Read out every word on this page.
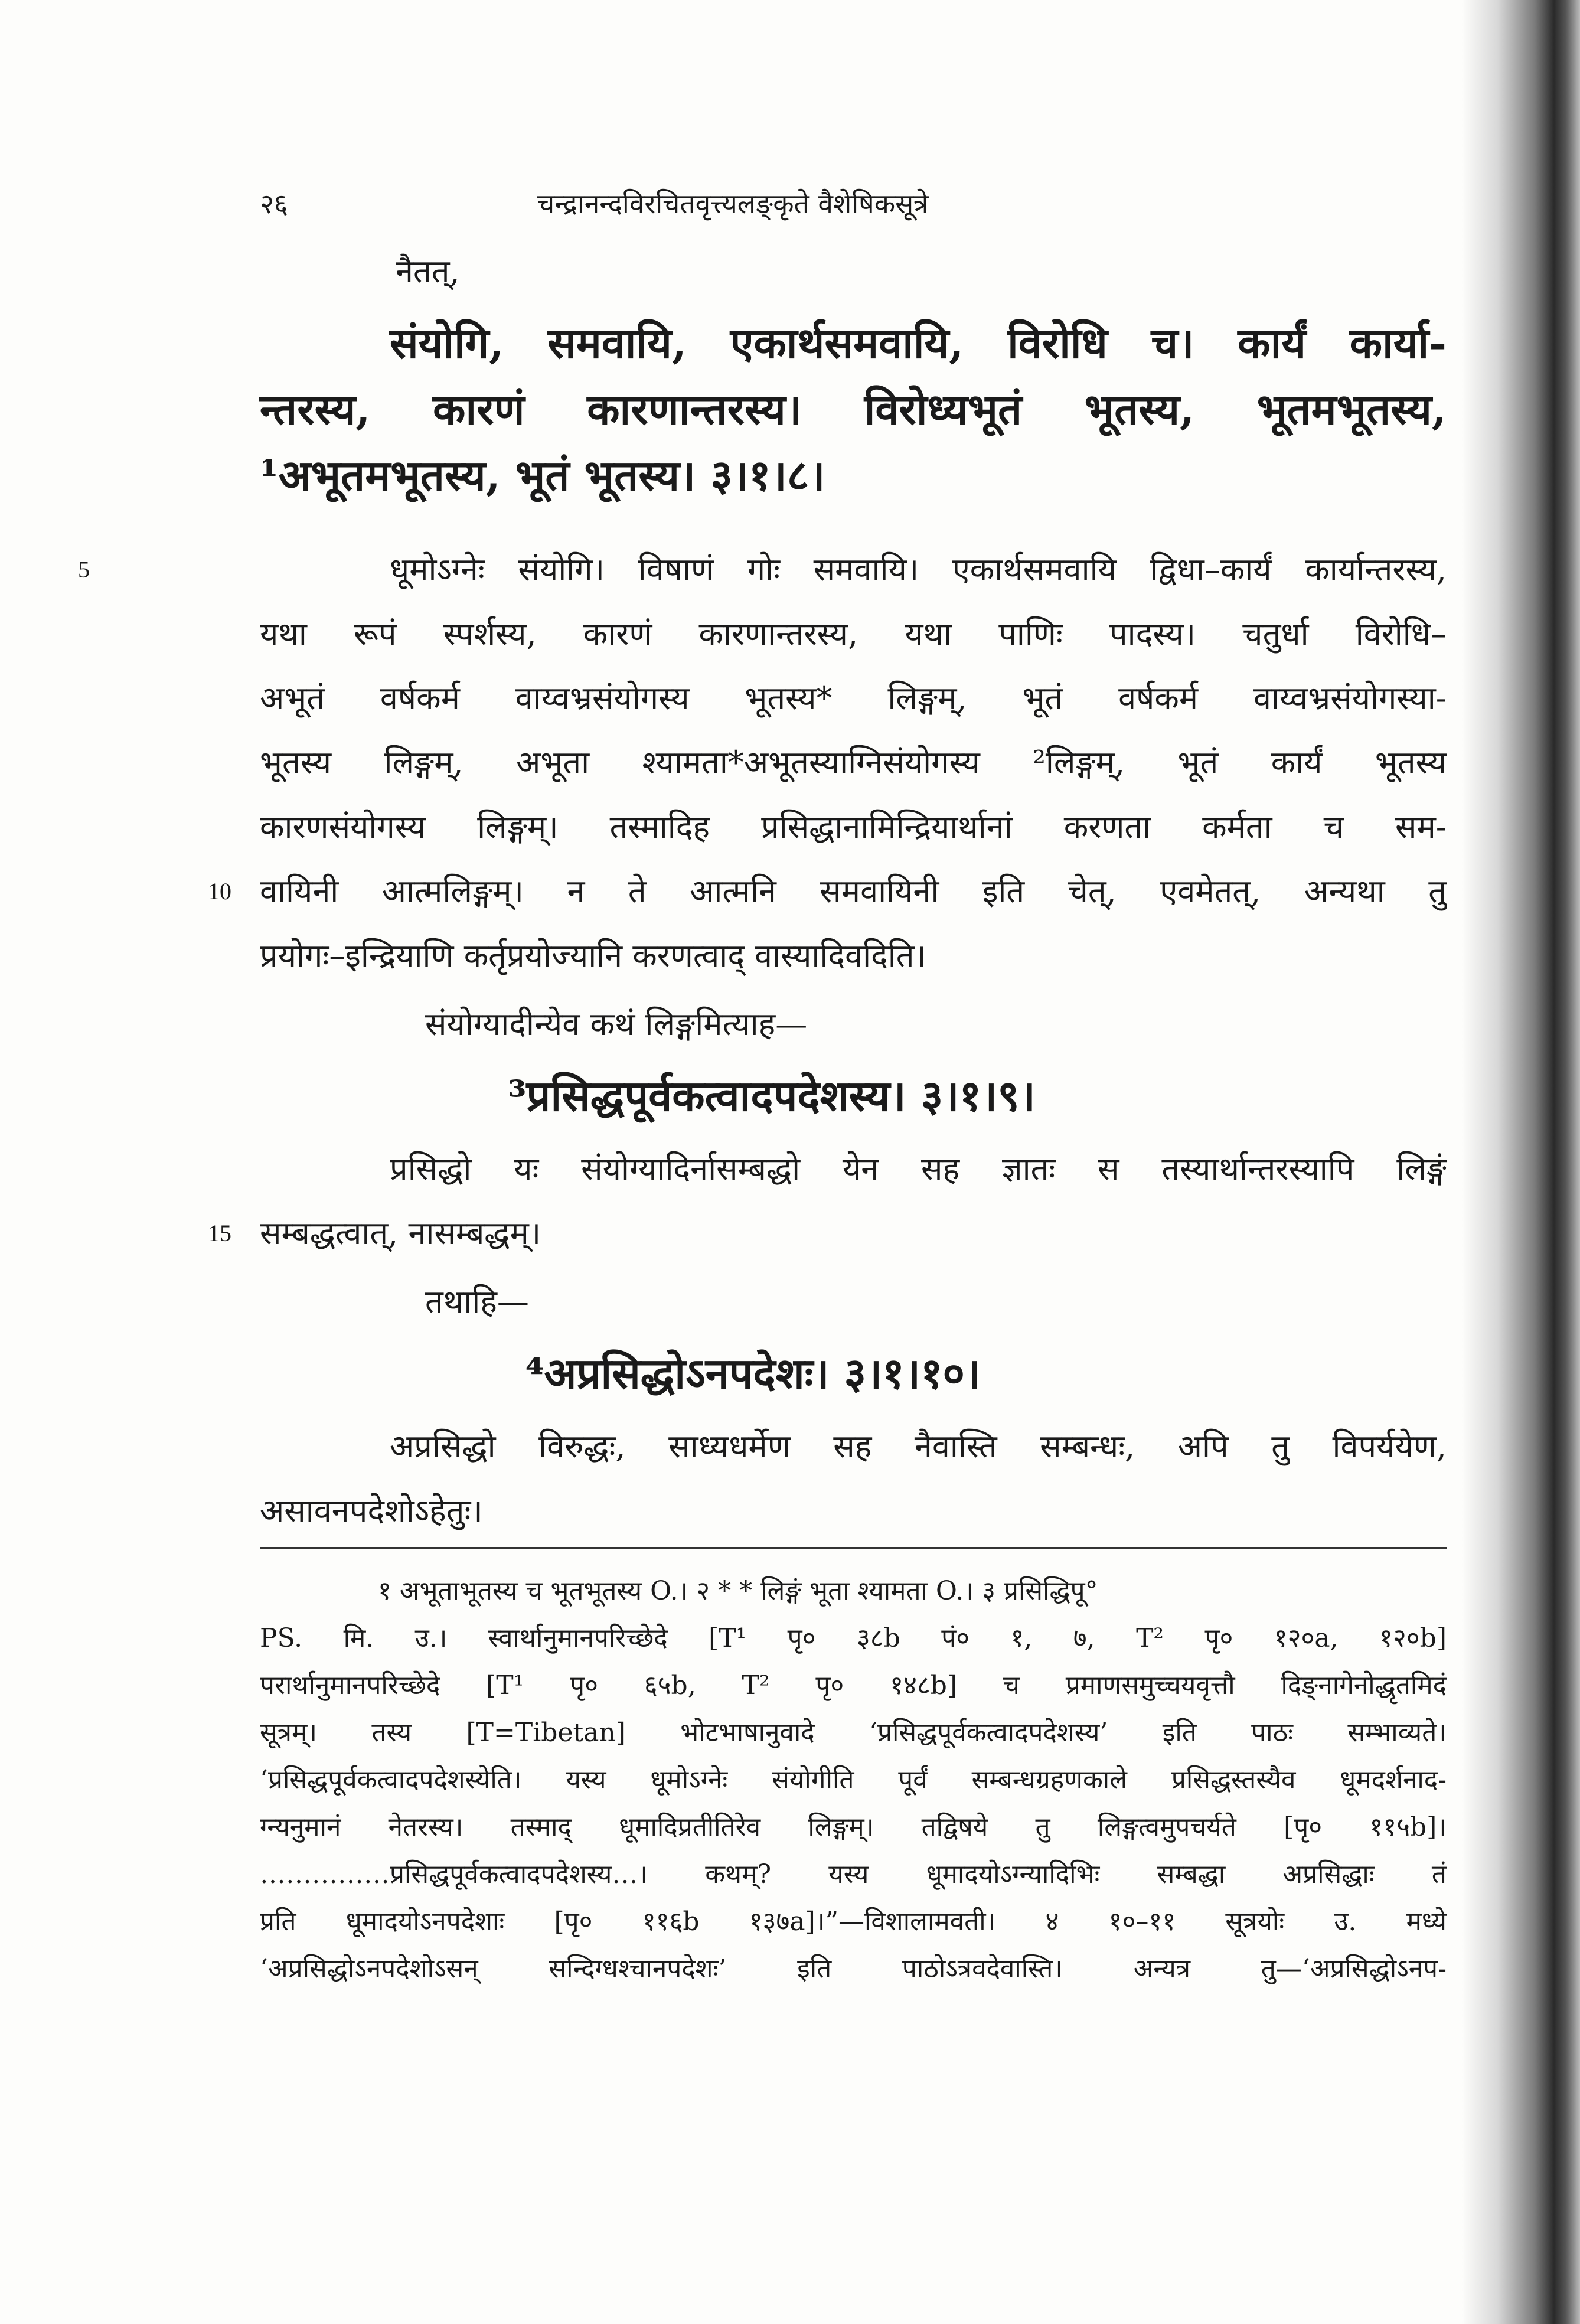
२६	चन्द्रानन्दविरचितवृत्त्यलङ्कृते वैशेषिकसूत्रे
नैतत्,
संयोगि, समवायि, एकार्थसमवायि, विरोधि च। कार्यं कार्या-
न्तरस्य, कारणं कारणान्तरस्य। विरोध्यभूतं भूतस्य, भूतमभूतस्य,
¹अभूतमभूतस्य, भूतं भूतस्य। ३।१।८।
5	धूमोऽग्नेः संयोगि। विषाणं गोः समवायि। एकार्थसमवायि द्विधा–कार्यं कार्यान्तरस्य,
यथा रूपं स्पर्शस्य, कारणं कारणान्तरस्य, यथा पाणिः पादस्य। चतुर्धा विरोधि–
अभूतं वर्षकर्म वाय्वभ्रसंयोगस्य भूतस्य* लिङ्गम्, भूतं वर्षकर्म वाय्वभ्रसंयोगस्या-
भूतस्य लिङ्गम्, अभूता श्यामता*अभूतस्याग्निसंयोगस्य ²लिङ्गम्, भूतं कार्यं भूतस्य
कारणसंयोगस्य लिङ्गम्। तस्मादिह प्रसिद्धानामिन्द्रियार्थानां करणता कर्मता च सम-
10 वायिनी आत्मलिङ्गम्। न ते आत्मनि समवायिनी इति चेत्, एवमेतत्, अन्यथा तु
प्रयोगः–इन्द्रियाणि कर्तृप्रयोज्यानि करणत्वाद् वास्यादिवदिति।
संयोग्यादीन्येव कथं लिङ्गमित्याह—
³प्रसिद्धपूर्वकत्वादपदेशस्य। ३।१।९।
प्रसिद्धो यः संयोग्यादिर्नासम्बद्धो येन सह ज्ञातः स तस्यार्थान्तरस्यापि लिङ्गं
15 सम्बद्धत्वात्, नासम्बद्धम्।
तथाहि—
⁴अप्रसिद्धोऽनपदेशः। ३।१।१०।
अप्रसिद्धो विरुद्धः, साध्यधर्मेण सह नैवास्ति सम्बन्धः, अपि तु विपर्ययेण,
असावनपदेशोऽहेतुः।
१ अभूताभूतस्य च भूतभूतस्य O.। २ * * लिङ्गं भूता श्यामता O.। ३ प्रसिद्धिपू°
PS. मि. उ.। स्वार्थानुमानपरिच्छेदे [T¹ पृ० ३८b पं० १, ७, T² पृ० १२०a, १२०b]
परार्थानुमानपरिच्छेदे [T¹ पृ० ६५b, T² पृ० १४८b] च प्रमाणसमुच्चयवृत्तौ दिङ्नागेनोद्धृतमिदं
सूत्रम्। तस्य [T=Tibetan] भोटभाषानुवादे ‘प्रसिद्धपूर्वकत्वादपदेशस्य’ इति पाठः सम्भाव्यते।
‘प्रसिद्धपूर्वकत्वादपदेशस्येति। यस्य धूमोऽग्नेः संयोगीति पूर्वं सम्बन्धग्रहणकाले प्रसिद्धस्तस्यैव धूमदर्शनाद-
ग्न्यनुमानं नेतरस्य। तस्माद् धूमादिप्रतीतिरेव लिङ्गम्। तद्विषये तु लिङ्गत्वमुपचर्यते [पृ० ११५b]।
……………प्रसिद्धपूर्वकत्वादपदेशस्य…। कथम्? यस्य धूमादयोऽग्न्यादिभिः सम्बद्धा अप्रसिद्धाः तं
प्रति धूमादयोऽनपदेशाः [पृ० ११६b १३७a]।”—विशालामवती। ४ १०–११ सूत्रयोः उ. मध्ये
‘अप्रसिद्धोऽनपदेशोऽसन् सन्दिग्धश्चानपदेशः’ इति पाठोऽत्रवदेवास्ति। अन्यत्र तु—‘अप्रसिद्धोऽनप-
